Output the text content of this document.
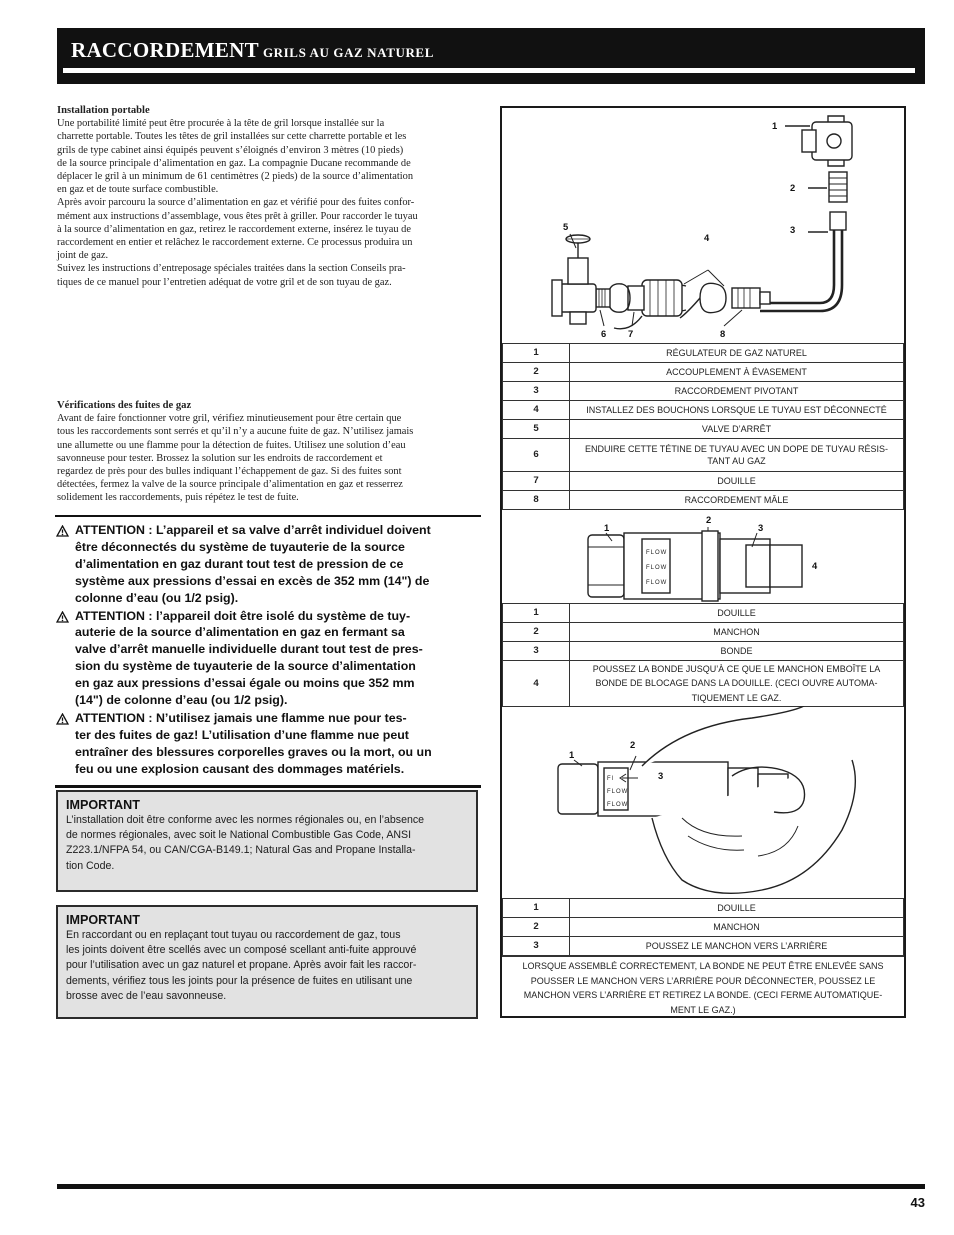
RACCORDEMENT GRILS AU GAZ NATUREL
Installation portable

Une portabilité limité peut être procurée à la tête de gril lorsque installée sur la

charrette portable. Toutes les têtes de gril installées sur cette charrette portable et les

grils de type cabinet ainsi équipés peuvent s’éloignés d’environ 3 mètres (10 pieds)

de la source principale d’alimentation en gaz. La compagnie Ducane recommande de

déplacer le gril à un minimum de 61 centimètres (2 pieds) de la source d’alimentation

en gaz et de toute surface combustible.

Après avoir parcouru la source d’alimentation en gaz et vérifié pour des fuites confor-

mément aux instructions d’assemblage, vous êtes prêt à griller. Pour raccorder le tuyau

à la source d’alimentation en gaz, retirez le raccordement externe, insérez le tuyau de

raccordement en entier et relâchez le raccordement externe. Ce processus produira un

joint de gaz.

Suivez les instructions d’entreposage spéciales traitées dans la section Conseils pra-

tiques de ce manuel pour l’entretien adéquat de votre gril et de son tuyau de gaz.

Vérifications des fuites de gaz

Avant de faire fonctionner votre gril, vérifiez minutieusement pour être certain que

tous les raccordements sont serrés et qu’il n’y a aucune fuite de gaz. N’utilisez jamais

une allumette ou une flamme pour la détection de fuites. Utilisez une solution d’eau

savonneuse pour tester. Brossez la solution sur les endroits de raccordement et

regardez de près pour des bulles indiquant l’échappement de gaz. Si des fuites sont

détectées, fermez la valve de la source principale d’alimentation en gaz et resserrez

solidement les raccordements, puis répétez le test de fuite.

ATTENTION : L’appareil et sa valve d’arrêt individuel doivent
être déconnectés du système de tuyauterie de la source
d’alimentation en gaz durant tout test de pression de ce
système aux pressions d’essai en excès de 352 mm (14") de
colonne d’eau (ou 1/2 psig).
ATTENTION : l’appareil doit être isolé du système de tuy-
auterie de la source d’alimentation en gaz en fermant sa
valve d’arrêt manuelle individuelle durant tout test de pres-
sion du système de tuyauterie de la source d’alimentation
en gaz aux pressions d’essai égale ou moins que 352 mm
(14") de colonne d’eau (ou 1/2 psig).
ATTENTION : N’utilisez jamais une flamme nue pour tes-
ter des fuites de gaz! L’utilisation d’une flamme nue peut
entraîner des blessures corporelles graves ou la mort, ou un
feu ou une explosion causant des dommages matériels.
IMPORTANT

L’installation doit être conforme avec les normes régionales ou, en l’absence
de normes régionales, avec soit le National Combustible Gas Code, ANSI
Z223.1/NFPA 54, ou CAN/CGA-B149.1; Natural Gas and Propane Installa-
tion Code.

IMPORTANT

En raccordant ou en replaçant tout tuyau ou raccordement de gaz, tous
les joints doivent être scellés avec un composé scellant anti-fuite approuvé
pour l’utilisation avec un gaz naturel et propane. Après avoir fait les raccor-
dements, vérifiez tous les joints pour la présence de fuites en utilisant une
brosse avec de l’eau savonneuse.

1
2
3
4
5
6 7	8
1	RÉGULATEUR DE GAZ NATUREL
2	ACCOUPLEMENT À ÉVASEMENT
3	RACCORDEMENT PIVOTANT
4	INSTALLEZ DES BOUCHONS LORSQUE LE TUYAU EST DÉCONNECTÉ
5	VALVE D’ARRÊT
6	ENDUIRE CETTE TÉTINE DE TUYAU AVEC UN DOPE DE TUYAU RÉSIS-
TANT AU GAZ
7	DOUILLE
8	RACCORDEMENT MÂLE
FLOW
FLOW
FLOW
1
2
3
4
1	DOUILLE
2	MANCHON
3	BONDE
4	POUSSEZ LA BONDE JUSQU’À CE QUE LE MANCHON EMBOÎTE LA
BONDE DE BLOCAGE DANS LA DOUILLE. (CECI OUVRE AUTOMA-
TIQUEMENT LE GAZ.
Fl
FLOW
FLOW
1
2
3
1	DOUILLE
2	MANCHON
3	POUSSEZ LE MANCHON VERS L’ARRIÈRE
LORSQUE ASSEMBLÉ CORRECTEMENT, LA BONDE NE PEUT ÊTRE ENLEVÉE SANS
POUSSER LE MANCHON VERS L’ARRIÈRE POUR DÉCONNECTER, POUSSEZ LE
MANCHON VERS L’ARRIÈRE ET RETIREZ LA BONDE. (CECI FERME AUTOMATIQUE-
MENT LE GAZ.)
43
